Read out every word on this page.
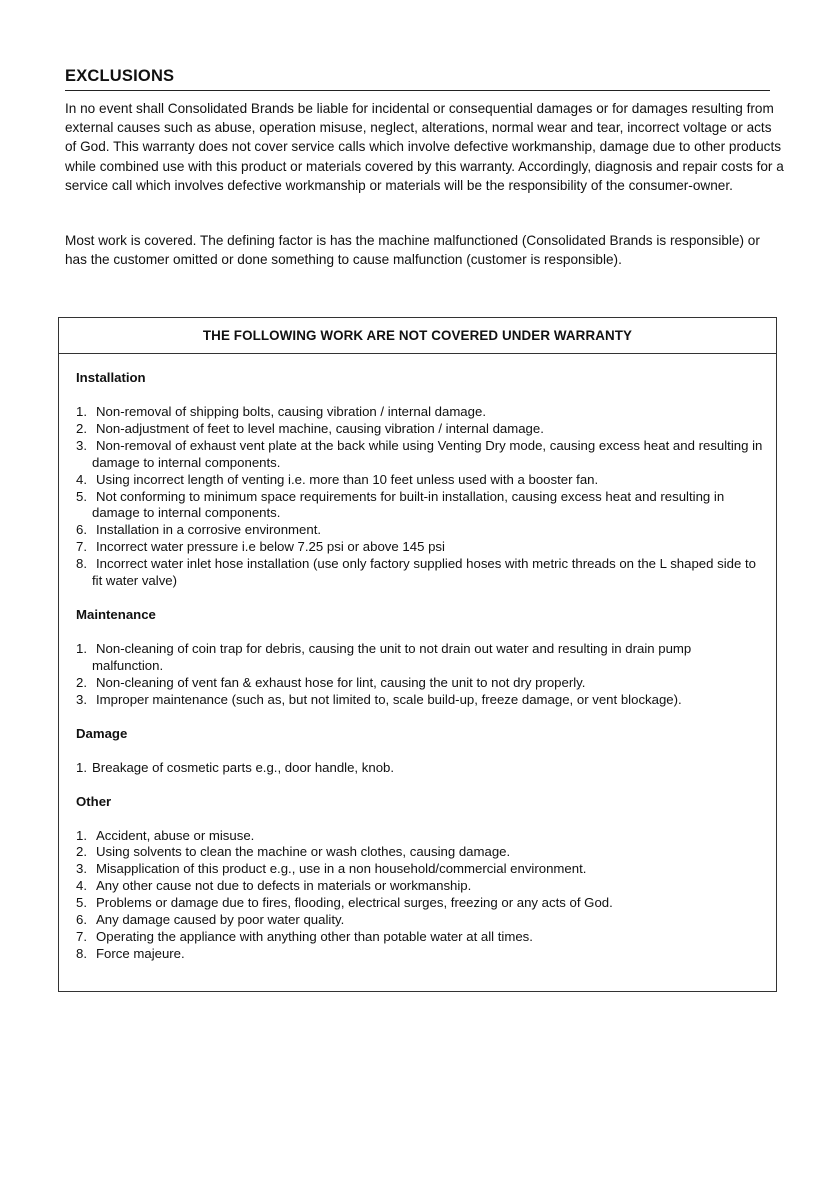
EXCLUSIONS

In no event shall Consolidated Brands be liable for incidental or consequential damages or for damages resulting from external causes such as abuse, operation misuse, neglect, alterations, normal wear and tear, incorrect voltage or acts of God. This warranty does not cover service calls which involve defective workmanship, damage due to other products while combined use with this product or materials covered by this warranty. Accordingly, diagnosis and repair costs for a service call which involves defective workmanship or materials will be the responsibility of the consumer-owner.

Most work is covered. The defining factor is has the machine malfunctioned (Consolidated Brands is responsible) or has the customer omitted or done something to cause malfunction (customer is responsible).

THE FOLLOWING WORK ARE NOT COVERED UNDER WARRANTY
Installation
1. Non-removal of shipping bolts, causing vibration / internal damage.
2. Non-adjustment of feet to level machine, causing vibration / internal damage.
3. Non-removal of exhaust vent plate at the back while using Venting Dry mode, causing excess heat and resulting in damage to internal components.
4. Using incorrect length of venting i.e. more than 10 feet unless used with a booster fan.
5. Not conforming to minimum space requirements for built-in installation, causing excess heat and resulting in damage to internal components.
6. Installation in a corrosive environment.
7. Incorrect water pressure i.e below 7.25 psi or above 145 psi
8. Incorrect water inlet hose installation (use only factory supplied hoses with metric threads on the L shaped side to fit water valve)
Maintenance
1. Non-cleaning of coin trap for debris, causing the unit to not drain out water and resulting in drain pump malfunction.
2. Non-cleaning of vent fan & exhaust hose for lint, causing the unit to not dry properly.
3. Improper maintenance (such as, but not limited to, scale build-up, freeze damage, or vent blockage).
Damage
1. Breakage of cosmetic parts e.g., door handle, knob.
Other
1. Accident, abuse or misuse.
2. Using solvents to clean the machine or wash clothes, causing damage.
3. Misapplication of this product e.g., use in a non household/commercial environment.
4. Any other cause not due to defects in materials or workmanship.
5. Problems or damage due to fires, flooding, electrical surges, freezing or any acts of God.
6. Any damage caused by poor water quality.
7. Operating the appliance with anything other than potable water at all times.
8. Force majeure.
